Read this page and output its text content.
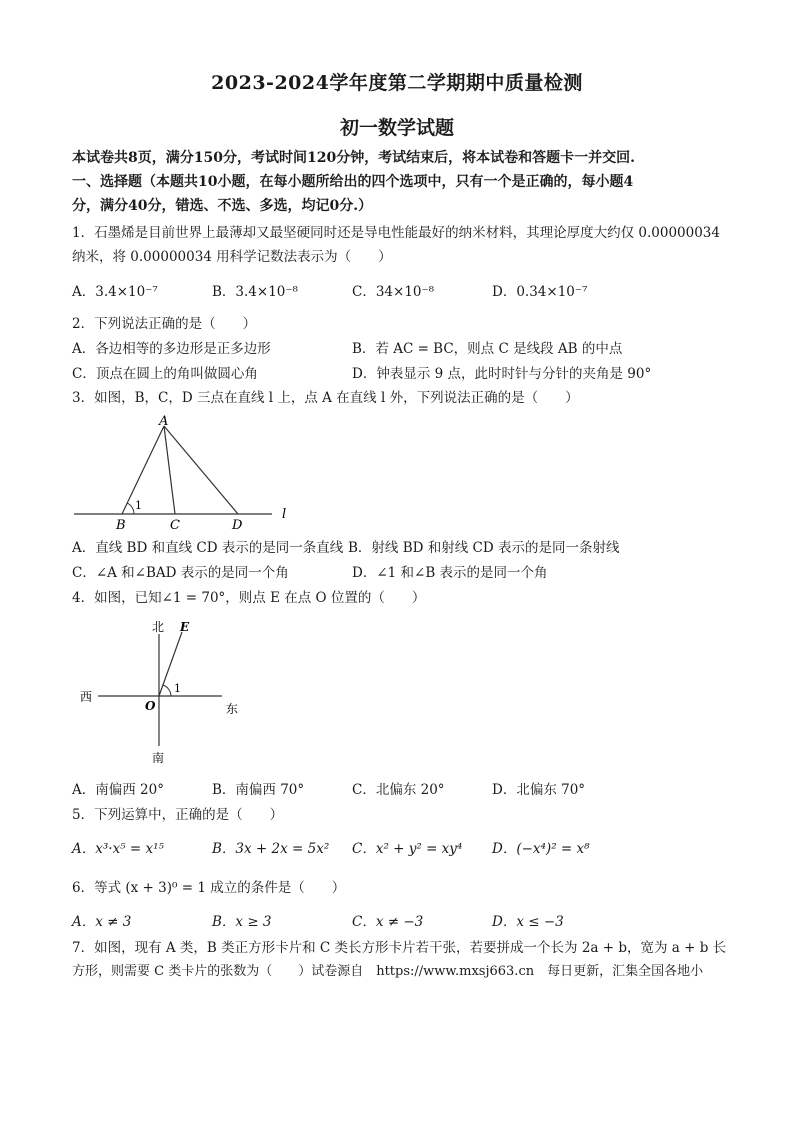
2023-2024学年度第二学期期中质量检测
初一数学试题
本试卷共8页，满分150分，考试时间120分钟，考试结束后，将本试卷和答题卡一并交回.
一、选择题（本题共10小题，在每小题所给出的四个选项中，只有一个是正确的，每小题4
分，满分40分，错选、不选、多选，均记0分.）
1．石墨烯是目前世界上最薄却又最坚硬同时还是导电性能最好的纳米材料，其理论厚度大约仅 0.00000034
纳米，将 0.00000034 用科学记数法表示为（　　）
A．3.4×10⁻⁷	B．3.4×10⁻⁸	C．34×10⁻⁸	D．0.34×10⁻⁷
2．下列说法正确的是（　　）
A．各边相等的多边形是正多边形	B．若 AC = BC，则点 C 是线段 AB 的中点
C．顶点在圆上的角叫做圆心角	D．钟表显示 9 点，此时时针与分针的夹角是 90°
3．如图，B，C，D 三点在直线 l 上，点 A 在直线 l 外，下列说法正确的是（　　）
A
B	C	D
l
1
A．直线 BD 和直线 CD 表示的是同一条直线 B．射线 BD 和射线 CD 表示的是同一条射线
C．∠A 和∠BAD 表示的是同一个角	D．∠1 和∠B 表示的是同一个角
4．如图，已知∠1 = 70°，则点 E 在点 O 位置的（　　）
北
南
西
东
E
O
1
A．南偏西 20°	B．南偏西 70°	C．北偏东 20°	D．北偏东 70°
5．下列运算中，正确的是（　　）
A．x³·x⁵ = x¹⁵	B．3x + 2x = 5x² C．x² + y² = xy⁴ D．(−x⁴)² = x⁸
6．等式 (x + 3)⁰ = 1 成立的条件是（　　）
A．x ≠ 3	B．x ≥ 3	C．x ≠ −3	D．x ≤ −3
7．如图，现有 A 类，B 类正方形卡片和 C 类长方形卡片若干张，若要拼成一个长为 2a + b，宽为 a + b 长
方形，则需要 C 类卡片的张数为（　　）试卷源自　https://www.mxsj663.cn　每日更新，汇集全国各地小
